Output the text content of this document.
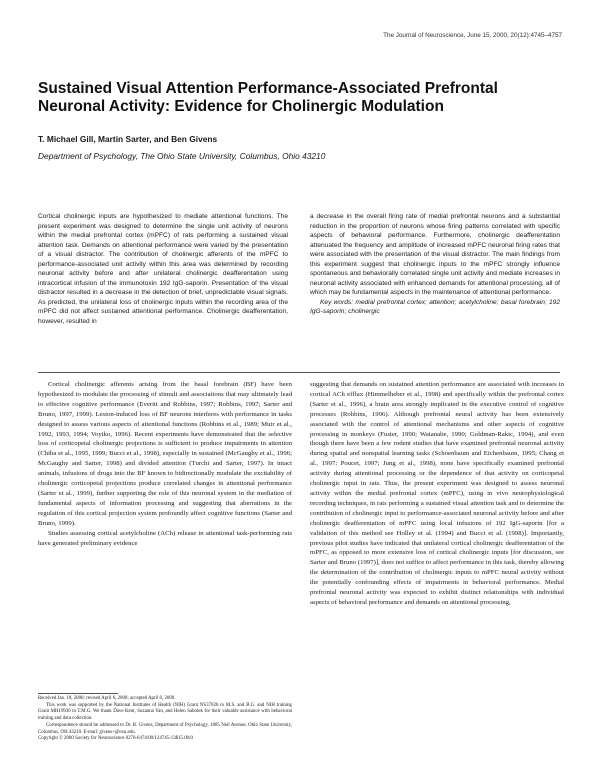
The Journal of Neuroscience, June 15, 2000, 20(12):4745–4757
Sustained Visual Attention Performance-Associated Prefrontal Neuronal Activity: Evidence for Cholinergic Modulation
T. Michael Gill, Martin Sarter, and Ben Givens
Department of Psychology, The Ohio State University, Columbus, Ohio 43210

Cortical cholinergic inputs are hypothesized to mediate attentional functions. The present experiment was designed to determine the single unit activity of neurons within the medial prefrontal cortex (mPFC) of rats performing a sustained visual attention task. Demands on attentional performance were varied by the presentation of a visual distractor. The contribution of cholinergic afferents of the mPFC to performance-associated unit activity within this area was determined by recording neuronal activity before and after unilateral cholinergic deafferentation using intracortical infusion of the immunotoxin 192 IgG-saporin. Presentation of the visual distractor resulted in a decrease in the detection of brief, unpredictable visual signals. As predicted, the unilateral loss of cholinergic inputs within the recording area of the mPFC did not affect sustained attentional performance. Cholinergic deafferentation, however, resulted in

a decrease in the overall firing rate of medial prefrontal neurons and a substantial reduction in the proportion of neurons whose firing patterns correlated with specific aspects of behavioral performance. Furthermore, cholinergic deafferentation attenuated the frequency and amplitude of increased mPFC neuronal firing rates that were associated with the presentation of the visual distractor. The main findings from this experiment suggest that cholinergic inputs to the mPFC strongly influence spontaneous and behaviorally correlated single unit activity and mediate increases in neuronal activity associated with enhanced demands for attentional processing, all of which may be fundamental aspects in the maintenance of attentional performance.

Key words: medial prefrontal cortex; attention; acetylcholine; basal forebrain; 192 IgG-saporin; cholinergic

Cortical cholinergic afferents arising from the basal forebrain (BF) have been hypothesized to modulate the processing of stimuli and associations that may ultimately lead to effective cognitive performance (Everitt and Robbins, 1997; Robbins, 1997; Sarter and Bruno, 1997, 1999). Lesion-induced loss of BF neurons interferes with performance in tasks designed to assess various aspects of attentional functions (Robbins et al., 1989; Muir et al., 1992, 1993, 1994; Voytko, 1996). Recent experiments have demonstrated that the selective loss of corticopetal cholinergic projections is sufficient to produce impairments in attention (Chiba et al., 1995, 1999; Bucci et al., 1998), especially in sustained (McGaughy et al., 1996; McGaughy and Sarter, 1998) and divided attention (Turchi and Sarter, 1997). In intact animals, infusions of drugs into the BF known to bidirectionally modulate the excitability of cholinergic corticopetal projections produce correlated changes in attentional performance (Sarter et al., 1999), further supporting the role of this neuronal system in the mediation of fundamental aspects of information processing and suggesting that aberrations in the regulation of this cortical projection system profoundly affect cognitive functions (Sarter and Bruno, 1999).

Studies assessing cortical acetylcholine (ACh) release in attentional task-performing rats have generated preliminary evidence

suggesting that demands on sustained attention performance are associated with increases in cortical ACh efflux (Himmelheber et al., 1998) and specifically within the prefrontal cortex (Sarter et al., 1996), a brain area strongly implicated in the executive control of cognitive processes (Robbins, 1996). Although prefrontal neural activity has been extensively associated with the control of attentional mechanisms and other aspects of cognitive processing in monkeys (Fuster, 1990; Watanabe, 1990; Goldman-Rakic, 1994), and even though there have been a few rodent studies that have examined prefrontal neuronal activity during spatial and nonspatial learning tasks (Schoenbaum and Eichenbaum, 1995; Chang et al., 1997; Poucet, 1997; Jung et al., 1998), none have specifically examined prefrontal activity during attentional processing or the dependence of that activity on corticopetal cholinergic input in rats. Thus, the present experiment was designed to assess neuronal activity within the medial prefrontal cortex (mPFC), using in vivo neurophysiological recording techniques, in rats performing a sustained visual attention task and to determine the contribution of cholinergic input to performance-associated neuronal activity before and after cholinergic deafferentation of mPFC using local infusions of 192 IgG-saporin [for a validation of this method see Holley et al. (1994) and Bucci et al. (1998)]. Importantly, previous pilot studies have indicated that unilateral cortical cholinergic deafferentation of the mPFC, as opposed to more extensive loss of cortical cholinergic inputs [for discussion, see Sarter and Bruno (1997)], does not suffice to affect performance in this task, thereby allowing the determination of the contribution of cholinergic inputs to mPFC neural activity without the potentially confounding effects of impairments in behavioral performance. Medial prefrontal neuronal activity was expected to exhibit distinct relationships with individual aspects of behavioral performance and demands on attentional processing,

Received Jan. 18, 2000; revised April 6, 2000; accepted April 6, 2000.

This work was supported by the National Institutes of Health (NIH) Grant NS37026 to M.S. and B.G. and NIH training Grant MH19936 to T.M.G. We thank Dave Kent, Suzanna Yan, and Helen Sabolek for their valuable assistance with behavioral training and data collection.

Correspondence should be addressed to Dr. B. Givens, Department of Psychology, 1885 Neil Avenue, Ohio State University, Columbus, OH 43210. E-mail: givens+@osu.edu.

Copyright © 2000 Society for Neuroscience 0270-6474/00/124745-13$15.00/0
